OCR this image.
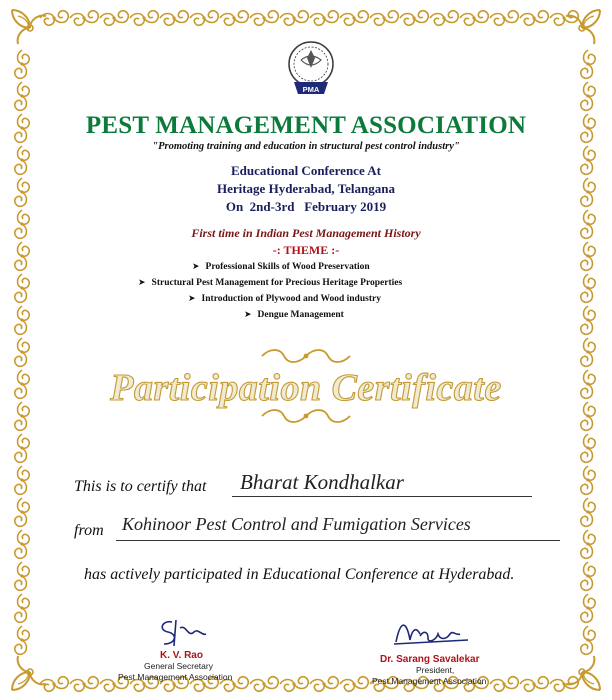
PMA
PEST MANAGEMENT ASSOCIATION
"Promoting training and education in structural pest control industry"
Educational Conference At
Heritage Hyderabad, Telangana
On  2nd-3rd   February 2019
First time in Indian Pest Management History
-: THEME :-
➤ Professional Skills of Wood Preservation
➤ Structural Pest Management for Precious Heritage Properties
➤ Introduction of Plywood and Wood industry
➤ Dengue Management
Participation Certificate
This is to certify that Bharat Kondhalkar
from Kohinoor Pest Control and Fumigation Services
has actively participated in Educational Conference at Hyderabad.
K. V. Rao
General Secretary
Pest Management Association
Dr. Sarang Savalekar
President,
Pest Management Association
